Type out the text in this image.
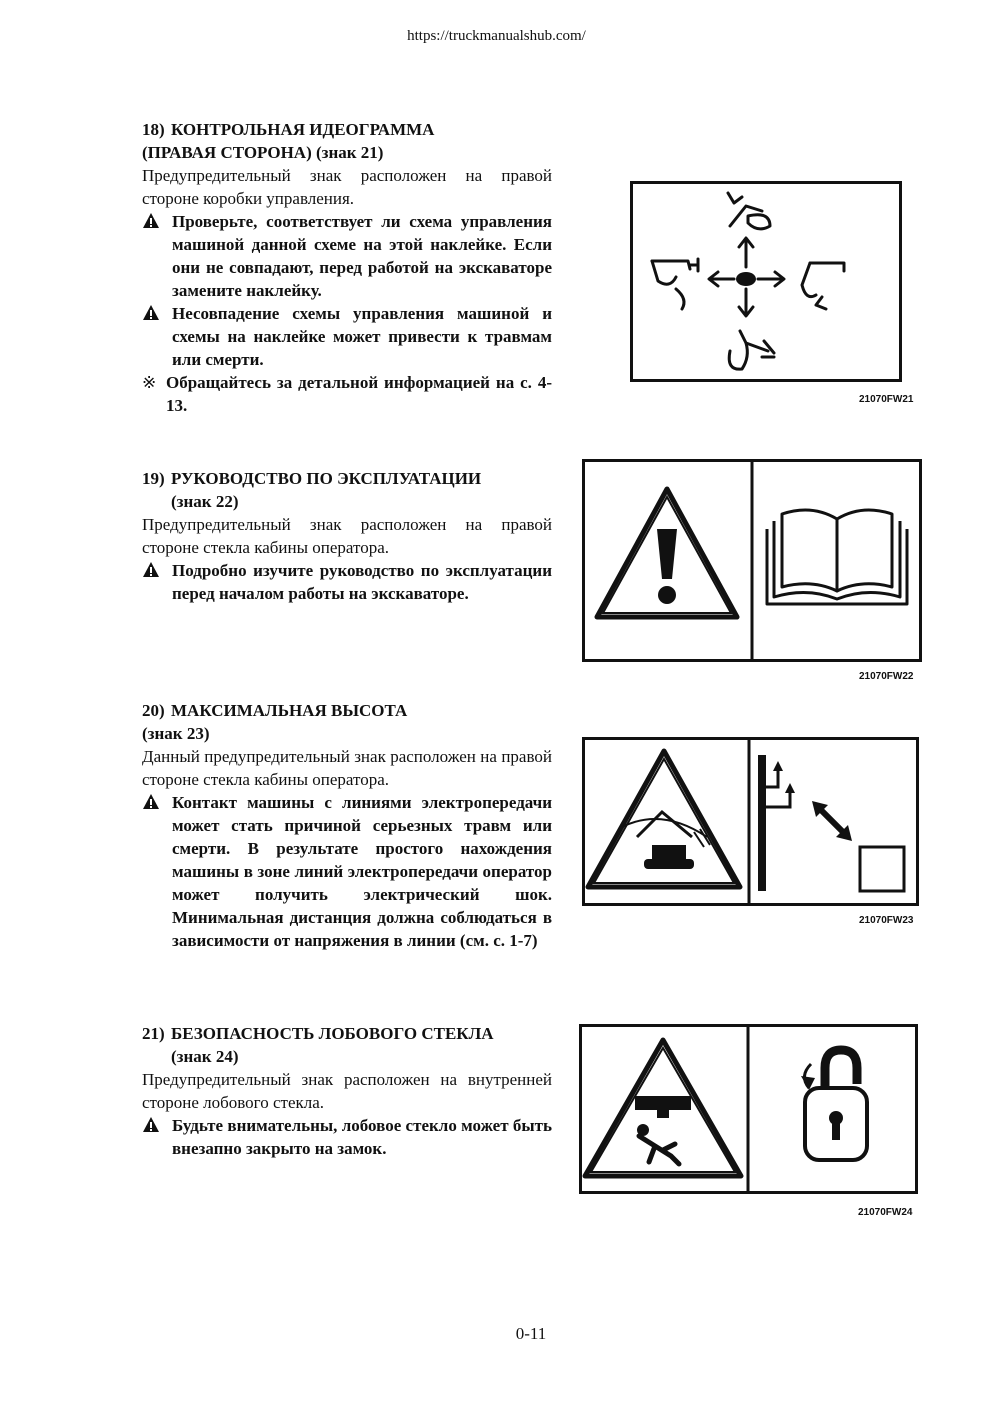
https://truckmanualshub.com/

18) КОНТРОЛЬНАЯ ИДЕОГРАММА
(ПРАВАЯ СТОРОНА) (знак 21)

Предупредительный знак расположен на правой стороне коробки управления.

Проверьте, соответствует ли схема управления машиной данной схеме на этой наклейке. Если они не совпадают, перед работой на экскаваторе замените наклейку.

Несовпадение схемы управления машиной и схемы на наклейке может привести к травмам или смерти.

※ Обращайтесь за детальной информацией на с. 4-13.	21070FW21

19) РУКОВОДСТВО ПО ЭКСПЛУАТАЦИИ
(знак 22)

Предупредительный знак расположен на правой стороне стекла кабины оператора.

Подробно изучите руководство по эксплуатации перед началом работы на экскаваторе.

21070FW22

20) МАКСИМАЛЬНАЯ ВЫСОТА
(знак 23)

Данный предупредительный знак расположен на правой стороне стекла кабины оператора.

Контакт машины с линиями электропередачи может стать причиной серьезных травм или смерти. В результате простого нахождения машины в зоне линий электропередачи оператор может получить электрический шок. Минимальная дистанция должна соблюдаться в зависимости от напряжения в линии (см. с. 1-7)

21070FW23

21) БЕЗОПАСНОСТЬ ЛОБОВОГО СТЕКЛА
(знак 24)

Предупредительный знак расположен на внутренней стороне лобового стекла.

Будьте внимательны, лобовое стекло может быть внезапно закрыто на замок.

21070FW24
0-11
